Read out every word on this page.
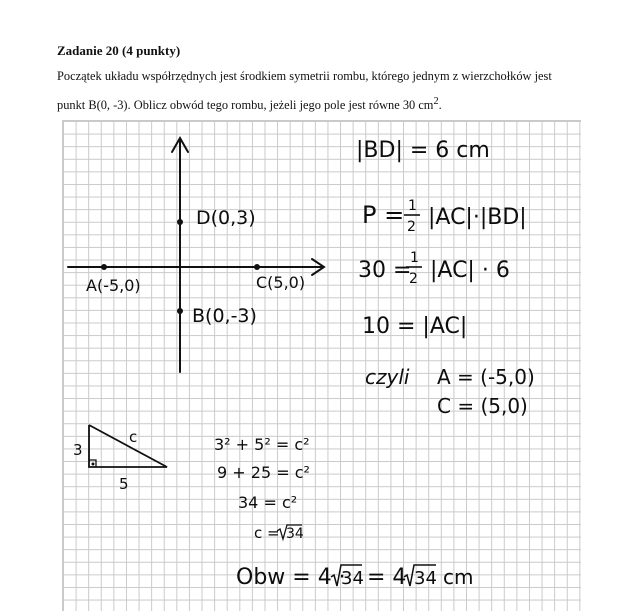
Zadanie 20 (4 punkty)
Początek układu współrzędnych jest środkiem symetrii rombu, którego jednym z wierzchołków jest
punkt B(0, -3). Oblicz obwód tego rombu, jeżeli jego pole jest równe 30 $cm^2$.
D(0,3)
A(-5,0)	C(5,0)
B(0,-3)
3
5
c
|BD| = 6 cm
P = 1
2 |AC|·|BD|
30 =
1
2 |AC| · 6
10 = |AC|
czyli A = (-5,0)
C = (5,0)
3² + 5² = c²
9 + 25 = c²
34 = c²
c = 34
Obw = 4 ·
34 = 4 34 cm
